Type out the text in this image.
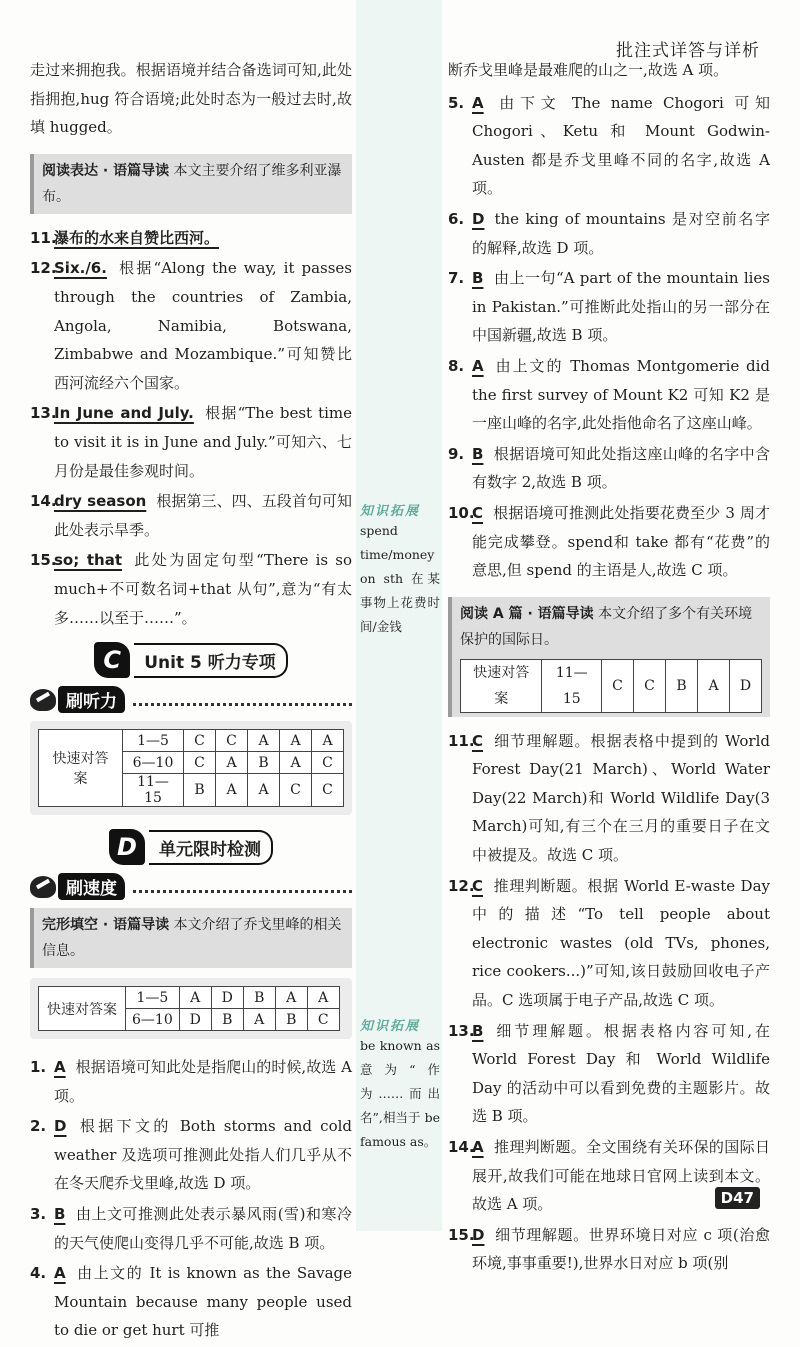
批注式详答与详析

走过来拥抱我。根据语境并结合备选词可知,此处指拥抱,hug 符合语境;此处时态为一般过去时,故填 hugged。

阅读表达 · 语篇导读 本文主要介绍了维多利亚瀑布。
11.
瀑布的水来自赞比西河。
12.
Six./6. 根据“Along the way, it passes through the countries of Zambia, Angola, Namibia, Botswana, Zimbabwe and Mozambique.”可知赞比西河流经六个国家。
13.
In June and July. 根据“The best time to visit it is in June and July.”可知六、七月份是最佳参观时间。
14.
dry season 根据第三、四、五段首句可知此处表示旱季。
15.
so; that 此处为固定句型“There is so much+不可数名词+that 从句”,意为“有太多……以至于……”。
C	Unit 5 听力专项
刷听力
快速对答案	1—5	C	C	A	A	A
	6—10	C	A	B	A	C
	11—15	B	A	A	C	C
D	单元限时检测
刷速度
完形填空 · 语篇导读 本文介绍了乔戈里峰的相关信息。
快速对答案	1—5	A	D	B	A	A
	6—10	D	B	A	B	C
1. A 根据语境可知此处是指爬山的时候,故选 A 项。
2. D 根据下文的 Both storms and cold weather 及选项可推测此处指人们几乎从不在冬天爬乔戈里峰,故选 D 项。
3. B 由上文可推测此处表示暴风雨(雪)和寒冷的天气使爬山变得几乎不可能,故选 B 项。
4. A 由上文的 It is known as the Savage Mountain because many people used to die or get hurt 可推
知识拓展
spend time/money on sth 在某事物上花费时间/金钱
知识拓展
be known as 意为“作为……而出名”,相当于 be famous as。

断乔戈里峰是最难爬的山之一,故选 A 项。

5. A 由下文 The name Chogori 可知 Chogori、Ketu 和 Mount Godwin-Austen 都是乔戈里峰不同的名字,故选 A 项。
6. D the king of mountains 是对空前名字的解释,故选 D 项。
7. B 由上一句“A part of the mountain lies in Pakistan.”可推断此处指山的另一部分在中国新疆,故选 B 项。
8. A 由上文的 Thomas Montgomerie did the first survey of Mount K2 可知 K2 是一座山峰的名字,此处指他命名了这座山峰。
9. B 根据语境可知此处指这座山峰的名字中含有数字 2,故选 B 项。
10.
C 根据语境可推测此处指要花费至少 3 周才能完成攀登。spend和 take 都有“花费”的意思,但 spend 的主语是人,故选 C 项。
阅读 A 篇 · 语篇导读 本文介绍了多个有关环境保护的国际日。
快速对答案	11—15	C	C	B	A	D
11.
C 细节理解题。根据表格中提到的 World Forest Day(21 March)、World Water Day(22 March)和 World Wildlife Day(3 March)可知,有三个在三月的重要日子在文中被提及。故选 C 项。
12.
C 推理判断题。根据 World E-waste Day 中的描述“To tell people about electronic wastes (old TVs, phones, rice cookers...)”可知,该日鼓励回收电子产品。C 选项属于电子产品,故选 C 项。
13.
B 细节理解题。根据表格内容可知,在 World Forest Day 和 World Wildlife Day 的活动中可以看到免费的主题影片。故选 B 项。
14.
A 推理判断题。全文围绕有关环保的国际日展开,故我们可能在地球日官网上读到本文。故选 A 项。
15.
D 细节理解题。世界环境日对应 c 项(治愈环境,事事重要!),世界水日对应 b 项(别
D47
